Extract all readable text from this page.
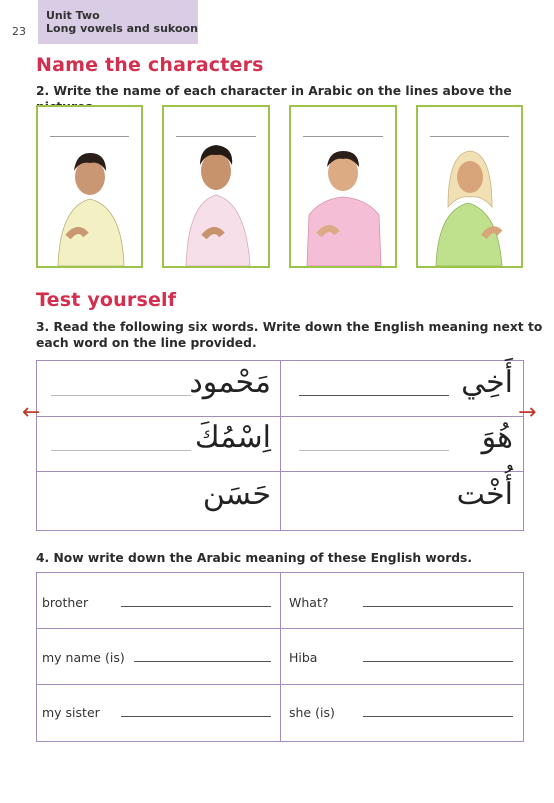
23
Unit Two
Long vowels and sukoon
Name the characters
2. Write the name of each character in Arabic on the lines above the
Test yourself
3. Read the following six words. Write down the English meaning next to
each word on the line provided.
مَحْمود	أَخِي
اِسْمُكَ	هُوَ
حَسَن	أُخْت
4. Now write down the Arabic meaning of these English words.
brother	What?
my name (is)	Hiba
my sister	she (is)
←	→
